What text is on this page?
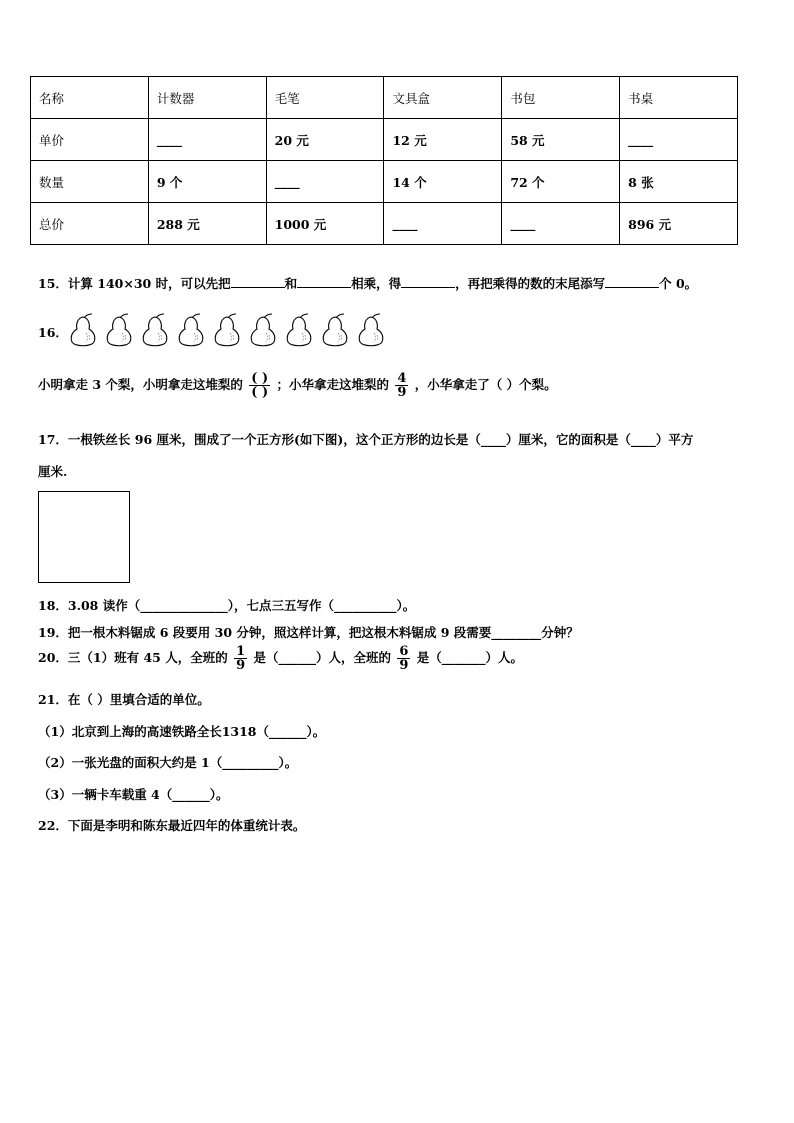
名称	计数器	毛笔	文具盒	书包	书桌
单价	____	20 元	12 元	58 元	____
数量	9 个	____	14 个	72 个	8 张
总价	288 元	1000 元	____	____	896 元
15．计算 140×30 时，可以先把	和	相乘，得	，再把乘得的数的末尾添写	个 0。
16．
小明拿走 3 个梨，小明拿走这堆梨的 $\frac{( )}{( )}$ ；小华拿走这堆梨的 $\frac{4}{9}$ ，小华拿走了（ ）个梨。
17．一根铁丝长 96 厘米，围成了一个正方形(如下图)，这个正方形的边长是（____）厘米，它的面积是（____）平方
厘米.
18．3.08 读作（______________），七点三五写作（__________）。
19．把一根木料锯成 6 段要用 30 分钟，照这样计算，把这根木料锯成 9 段需要________分钟？
20．三（1）班有 45 人，全班的 $\frac{1}{9}$ 是（______）人，全班的 $\frac{6}{9}$ 是（_______）人。
21．在（ ）里填合适的单位。
（1）北京到上海的高速铁路全长1318（______）。
（2）一张光盘的面积大约是 1（_________）。
（3）一辆卡车载重 4（______）。
22．下面是李明和陈东最近四年的体重统计表。
